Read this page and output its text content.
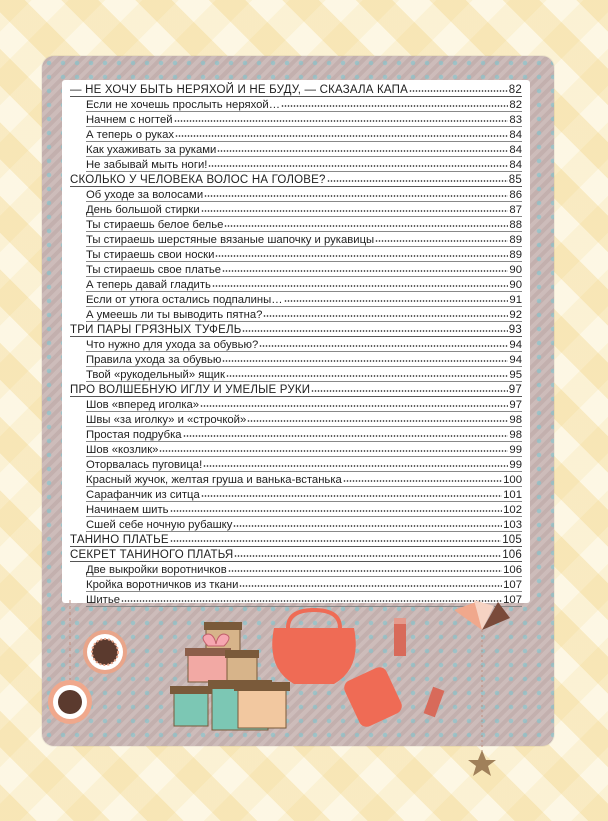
— НЕ ХОЧУ БЫТЬ НЕРЯХОЙ И НЕ БУДУ, — СКАЗАЛА КАПА	82
Если не хочешь прослыть неряхой…	82
Начнем с ногтей	83
А теперь о руках	84
Как ухаживать за руками	84
Не забывай мыть ноги!	84
СКОЛЬКО У ЧЕЛОВЕКА ВОЛОС НА ГОЛОВЕ?	85
Об уходе за волосами	86
День большой стирки	87
Ты стираешь белое белье	88
Ты стираешь шерстяные вязаные шапочку и рукавицы	89
Ты стираешь свои носки	89
Ты стираешь свое платье	90
А теперь давай гладить	90
Если от утюга остались подпалины…	91
А умеешь ли ты выводить пятна?	92
ТРИ ПАРЫ ГРЯЗНЫХ ТУФЕЛЬ	93
Что нужно для ухода за обувью?	94
Правила ухода за обувью	94
Твой «рукодельный» ящик	95
ПРО ВОЛШЕБНУЮ ИГЛУ И УМЕЛЫЕ РУКИ	97
Шов «вперед иголка»	97
Швы «за иголку» и «строчкой»	98
Простая подрубка	98
Шов «козлик»	99
Оторвалась пуговица!	99
Красный жучок, желтая груша и ванька-встанька	100
Сарафанчик из ситца	101
Начинаем шить	102
Сшей себе ночную рубашку	103
ТАНИНО ПЛАТЬЕ	105
СЕКРЕТ ТАНИНОГО ПЛАТЬЯ	106
Две выкройки воротничков	106
Кройка воротничков из ткани	107
Шитье	107
